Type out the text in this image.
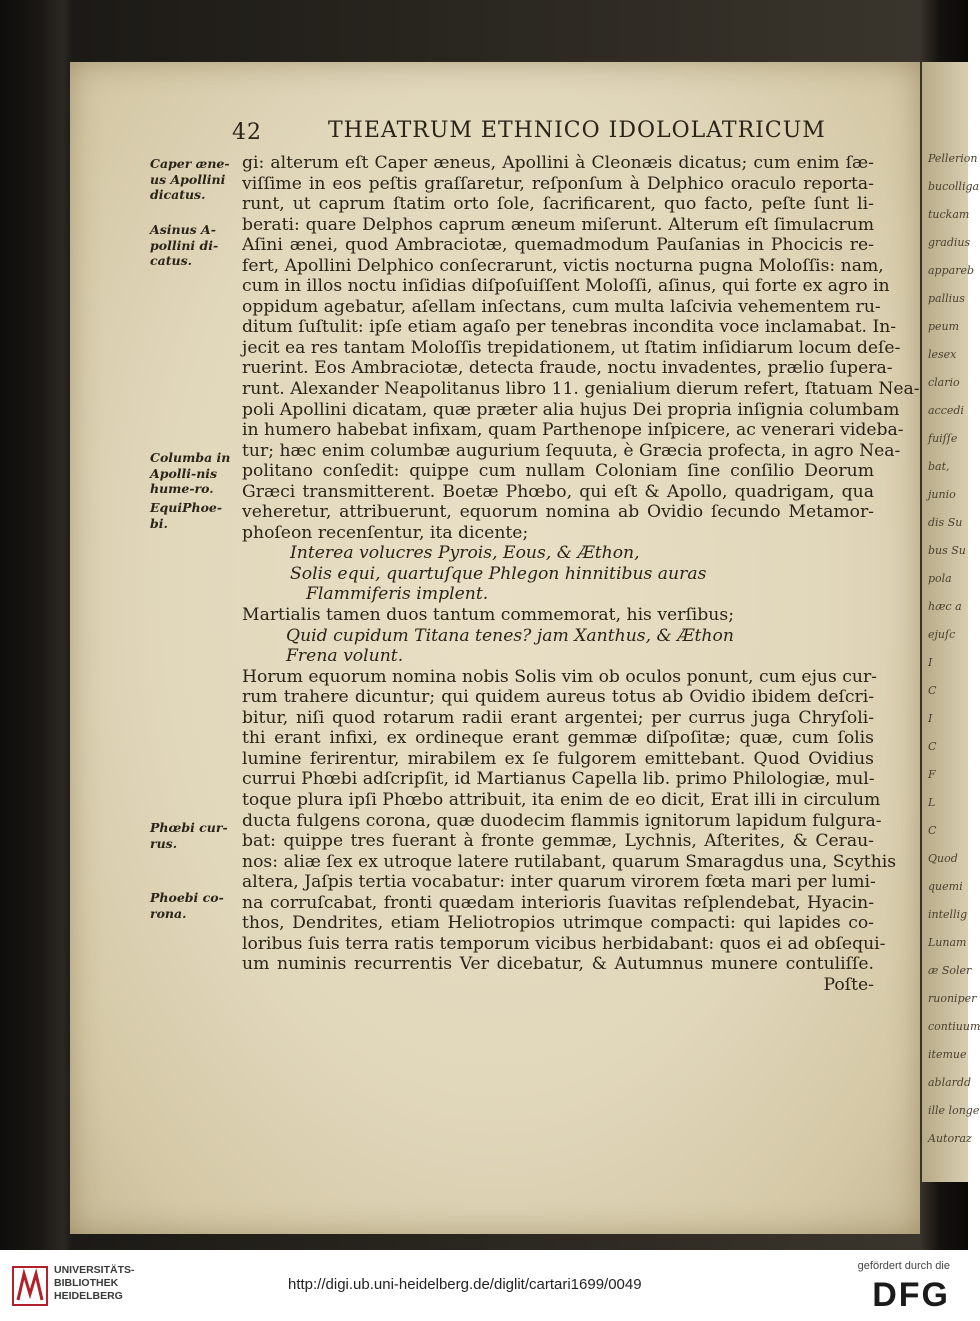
Pellerion
bucolliga
tuckam
gradius
appareb
pallius
peum
lesex
clario
accedi
fuiſſe
bat,
junio
dis Su
bus Su
pola
hæc a
ejuſc
I
C
I
C
F
L
C
Quod
quemi
intellig
Lunam
æ Soler
ruoniper
contiuum
itemue
ablardd
ille longe
Autoraz
42	THEATRUM ETHNICO IDOLOLATRICUM
Caper æne-us Apollini dicatus.
Asinus A-pollini di-catus.
Columba in Apolli-nis hume-ro.
EquiPhoe-bi.
Phœbi cur-rus.
Phoebi co-rona.
gi: alterum eſt Caper æneus, Apollini à Cleonæis dicatus; cum enim ſæ-
viſſime in eos peſtis graſſaretur, reſponſum à Delphico oraculo reporta-
runt, ut caprum ſtatim orto ſole, ſacrificarent, quo facto, peſte ſunt li-
berati: quare Delphos caprum æneum miſerunt. Alterum eſt ſimulacrum
Aſini ænei, quod Ambraciotæ, quemadmodum Pauſanias in Phocicis re-
fert, Apollini Delphico conſecrarunt, victis nocturna pugna Moloſſis: nam,
cum in illos noctu inſidias diſpoſuiſſent Moloſſi, aſinus, qui forte ex agro in
oppidum agebatur, aſellam inſectans, cum multa laſcivia vehementem ru-
ditum ſuſtulit: ipſe etiam agaſo per tenebras incondita voce inclamabat. In-
jecit ea res tantam Moloſſis trepidationem, ut ſtatim inſidiarum locum deſe-
ruerint. Eos Ambraciotæ, detecta fraude, noctu invadentes, prælio ſupera-
runt. Alexander Neapolitanus libro 11. genialium dierum refert, ſtatuam Nea-
poli Apollini dicatam, quæ præter alia hujus Dei propria inſignia columbam
in humero habebat infixam, quam Parthenope inſpicere, ac venerari videba-
tur; hæc enim columbæ augurium ſequuta, è Græcia profecta, in agro Nea-
politano conſedit: quippe cum nullam Coloniam ſine conſilio Deorum
Græci transmitterent. Boetæ Phœbo, qui eſt & Apollo, quadrigam, qua
veheretur, attribuerunt, equorum nomina ab Ovidio ſecundo Metamor-
phoſeon recenſentur, ita dicente;
Interea volucres Pyrois, Eous, & Æthon,
Solis equi, quartuſque Phlegon hinnitibus auras
Flammiferis implent.
Martialis tamen duos tantum commemorat, his verſibus;
Quid cupidum Titana tenes? jam Xanthus, & Æthon
Frena volunt.
Horum equorum nomina nobis Solis vim ob oculos ponunt, cum ejus cur-
rum trahere dicuntur; qui quidem aureus totus ab Ovidio ibidem deſcri-
bitur, niſi quod rotarum radii erant argentei; per currus juga Chryſoli-
thi erant infixi, ex ordineque erant gemmæ diſpoſitæ; quæ, cum ſolis
lumine ferirentur, mirabilem ex ſe fulgorem emittebant. Quod Ovidius
currui Phœbi adſcripſit, id Martianus Capella lib. primo Philologiæ, mul-
toque plura ipſi Phœbo attribuit, ita enim de eo dicit, Erat illi in circulum
ducta fulgens corona, quæ duodecim flammis ignitorum lapidum fulgura-
bat: quippe tres fuerant à fronte gemmæ, Lychnis, Aſterites, & Cerau-
nos: aliæ ſex ex utroque latere rutilabant, quarum Smaragdus una, Scythis
altera, Jaſpis tertia vocabatur: inter quarum virorem fœta mari per lumi-
na corruſcabat, fronti quædam interioris ſuavitas reſplendebat, Hyacin-
thos, Dendrites, etiam Heliotropios utrimque compacti: qui lapides co-
loribus ſuis terra ratis temporum vicibus herbidabant: quos ei ad obſequi-
um numinis recurrentis Ver dicebatur, & Autumnus munere contuliſſe.
Poſte-
UNIVERSITÄTS-
BIBLIOTHEK
HEIDELBERG
http://digi.ub.uni-heidelberg.de/diglit/cartari1699/0049
gefördert durch die
DFG
